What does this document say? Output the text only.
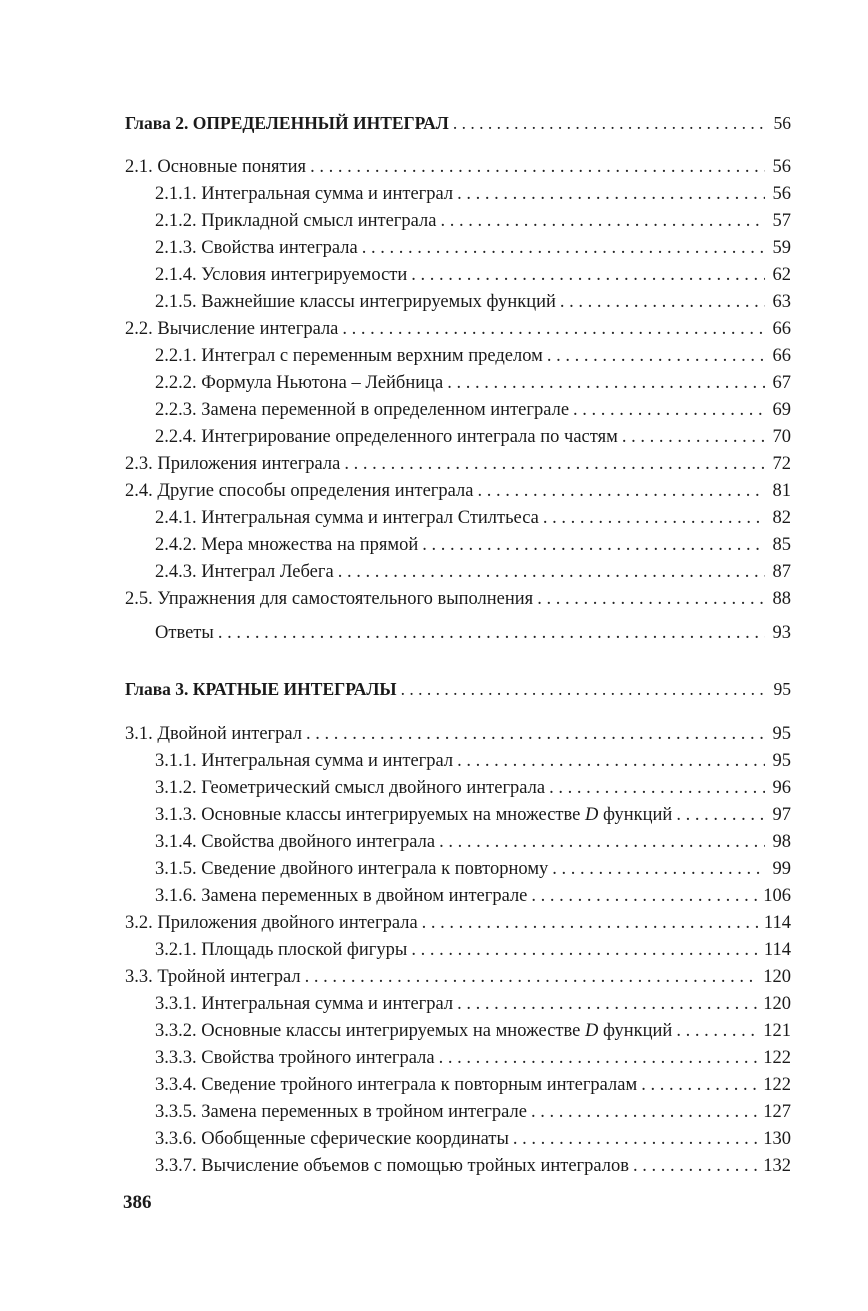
Глава 2. ОПРЕДЕЛЕННЫЙ ИНТЕГРАЛ . . .	56
2.1. Основные понятия . . .	56
2.1.1. Интегральная сумма и интеграл . . .	56
2.1.2. Прикладной смысл интеграла . . .	57
2.1.3. Свойства интеграла . . .	59
2.1.4. Условия интегрируемости . . .	62
2.1.5. Важнейшие классы интегрируемых функций . . .	63
2.2. Вычисление интеграла . . .	66
2.2.1. Интеграл с переменным верхним пределом . . .	66
2.2.2. Формула Ньютона – Лейбница . . .	67
2.2.3. Замена переменной в определенном интеграле . . .	69
2.2.4. Интегрирование определенного интеграла по частям . . .	70
2.3. Приложения интеграла . . .	72
2.4. Другие способы определения интеграла . . .	81
2.4.1. Интегральная сумма и интеграл Стилтьеса . . .	82
2.4.2. Мера множества на прямой . . .	85
2.4.3. Интеграл Лебега . . .	87
2.5. Упражнения для самостоятельного выполнения . . .	88
Ответы . . .	93
Глава 3. КРАТНЫЕ ИНТЕГРАЛЫ . . .	95
3.1. Двойной интеграл . . .	95
3.1.1. Интегральная сумма и интеграл . . .	95
3.1.2. Геометрический смысл двойного интеграла . . .	96
3.1.3. Основные классы интегрируемых на множестве D функций . . .	97
3.1.4. Свойства двойного интеграла . . .	98
3.1.5. Сведение двойного интеграла к повторному . . .	99
3.1.6. Замена переменных в двойном интеграле . . .	106
3.2. Приложения двойного интеграла . . .	114
3.2.1. Площадь плоской фигуры . . .	114
3.3. Тройной интеграл . . .	120
3.3.1. Интегральная сумма и интеграл . . .	120
3.3.2. Основные классы интегрируемых на множестве D функций . . .	121
3.3.3. Свойства тройного интеграла . . .	122
3.3.4. Сведение тройного интеграла к повторным интегралам . . .	122
3.3.5. Замена переменных в тройном интеграле . . .	127
3.3.6. Обобщенные сферические координаты . . .	130
3.3.7. Вычисление объемов с помощью тройных интегралов . . .	132
386
